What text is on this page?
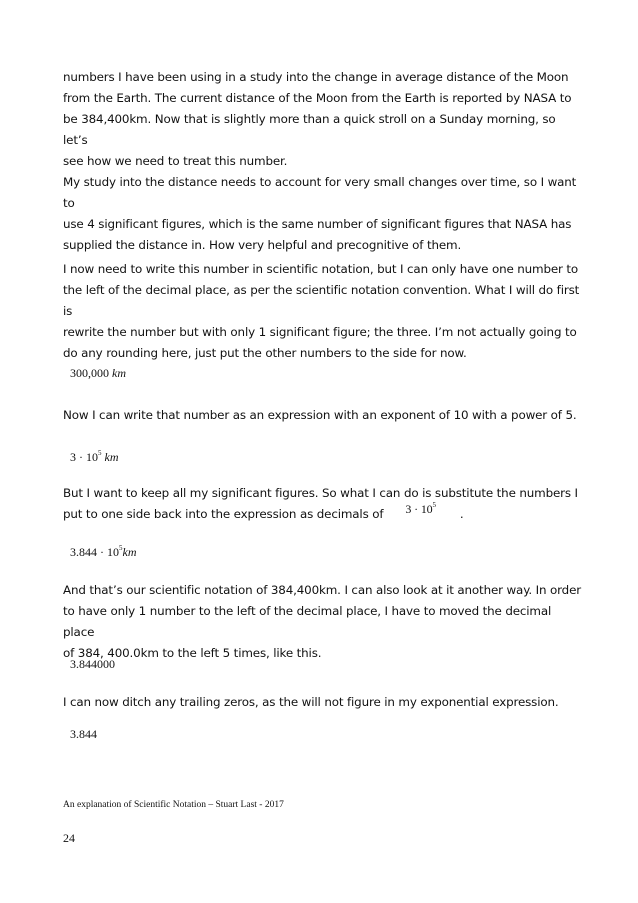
numbers I have been using in a study into the change in average distance of the Moon
from the Earth. The current distance of the Moon from the Earth is reported by NASA to
be 384,400km. Now that is slightly more than a quick stroll on a Sunday morning, so let’s
see how we need to treat this number.
My study into the distance needs to account for very small changes over time, so I want to
use 4 significant figures, which is the same number of significant figures that NASA has
supplied the distance in. How very helpful and precognitive of them.
I now need to write this number in scientific notation, but I can only have one number to
the left of the decimal place, as per the scientific notation convention. What I will do first is
rewrite the number but with only 1 significant figure; the three. I’m not actually going to
do any rounding here, just put the other numbers to the side for now.
300,000 km
Now I can write that number as an expression with an exponent of 10 with a power of 5.
$3 \cdot 10^5$ km
But I want to keep all my significant figures. So what I can do is substitute the numbers I
put to one side back into the expression as decimals of $3 \cdot 10^5$.
$3.844 \cdot 10^5km$
And that’s our scientific notation of 384,400km. I can also look at it another way. In order
to have only 1 number to the left of the decimal place, I have to moved the decimal place
of 384, 400.0km to the left 5 times, like this.
3.844000
I can now ditch any trailing zeros, as the will not figure in my exponential expression.
3.844
An explanation of Scientific Notation – Stuart Last - 2017
24
